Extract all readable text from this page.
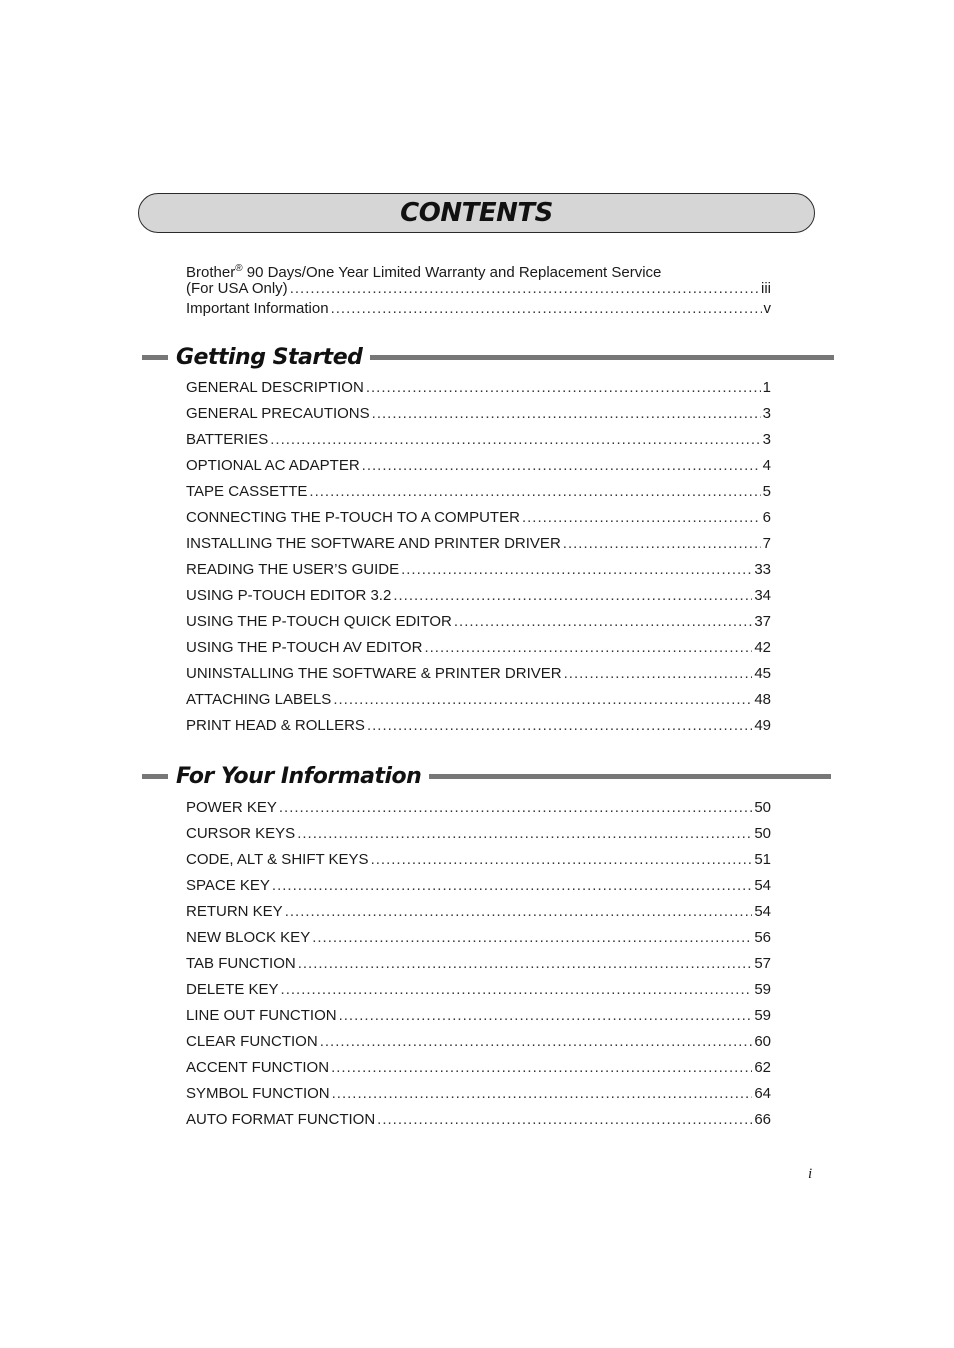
CONTENTS
Brother® 90 Days/One Year Limited Warranty and Replacement Service
(For USA Only) .....	iii
Important Information .....	v
Getting Started
GENERAL DESCRIPTION .....	1
GENERAL PRECAUTIONS .....	3
BATTERIES .....	3
OPTIONAL AC ADAPTER .....	4
TAPE CASSETTE .....	5
CONNECTING THE P-TOUCH TO A COMPUTER .....	6
INSTALLING THE SOFTWARE AND PRINTER DRIVER .....	7
READING THE USER’S GUIDE .....	33
USING P-TOUCH EDITOR 3.2 .....	34
USING THE P-TOUCH QUICK EDITOR .....	37
USING THE P-TOUCH AV EDITOR .....	42
UNINSTALLING THE SOFTWARE & PRINTER DRIVER .....	45
ATTACHING LABELS .....	48
PRINT HEAD & ROLLERS .....	49
For Your Information
POWER KEY .....	50
CURSOR KEYS .....	50
CODE, ALT & SHIFT KEYS .....	51
SPACE KEY .....	54
RETURN KEY .....	54
NEW BLOCK KEY .....	56
TAB FUNCTION .....	57
DELETE KEY .....	59
LINE OUT FUNCTION .....	59
CLEAR FUNCTION .....	60
ACCENT FUNCTION .....	62
SYMBOL FUNCTION .....	64
AUTO FORMAT FUNCTION .....	66
i
